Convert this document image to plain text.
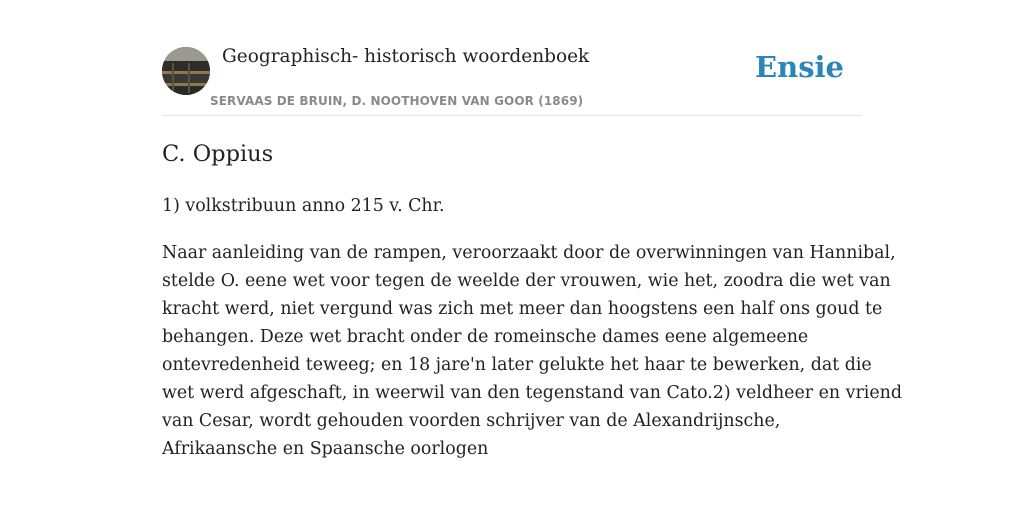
Geographisch- historisch woordenboek
SERVAAS DE BRUIN, D. NOOTHOVEN VAN GOOR (1869)
Ensie
C. Oppius

1) volkstribuun anno 215 v. Chr.

Naar aanleiding van de rampen, veroorzaakt door de overwinningen van Hannibal,
stelde O. eene wet voor tegen de weelde der vrouwen, wie het, zoodra die wet van
kracht werd, niet vergund was zich met meer dan hoogstens een half ons goud te
behangen. Deze wet bracht onder de romeinsche dames eene algemeene
ontevredenheid teweeg; en 18 jare'n later gelukte het haar te bewerken, dat die
wet werd afgeschaft, in weerwil van den tegenstand van Cato.2) veldheer en vriend
van Cesar, wordt gehouden voorden schrijver van de Alexandrijnsche,
Afrikaansche en Spaansche oorlogen
